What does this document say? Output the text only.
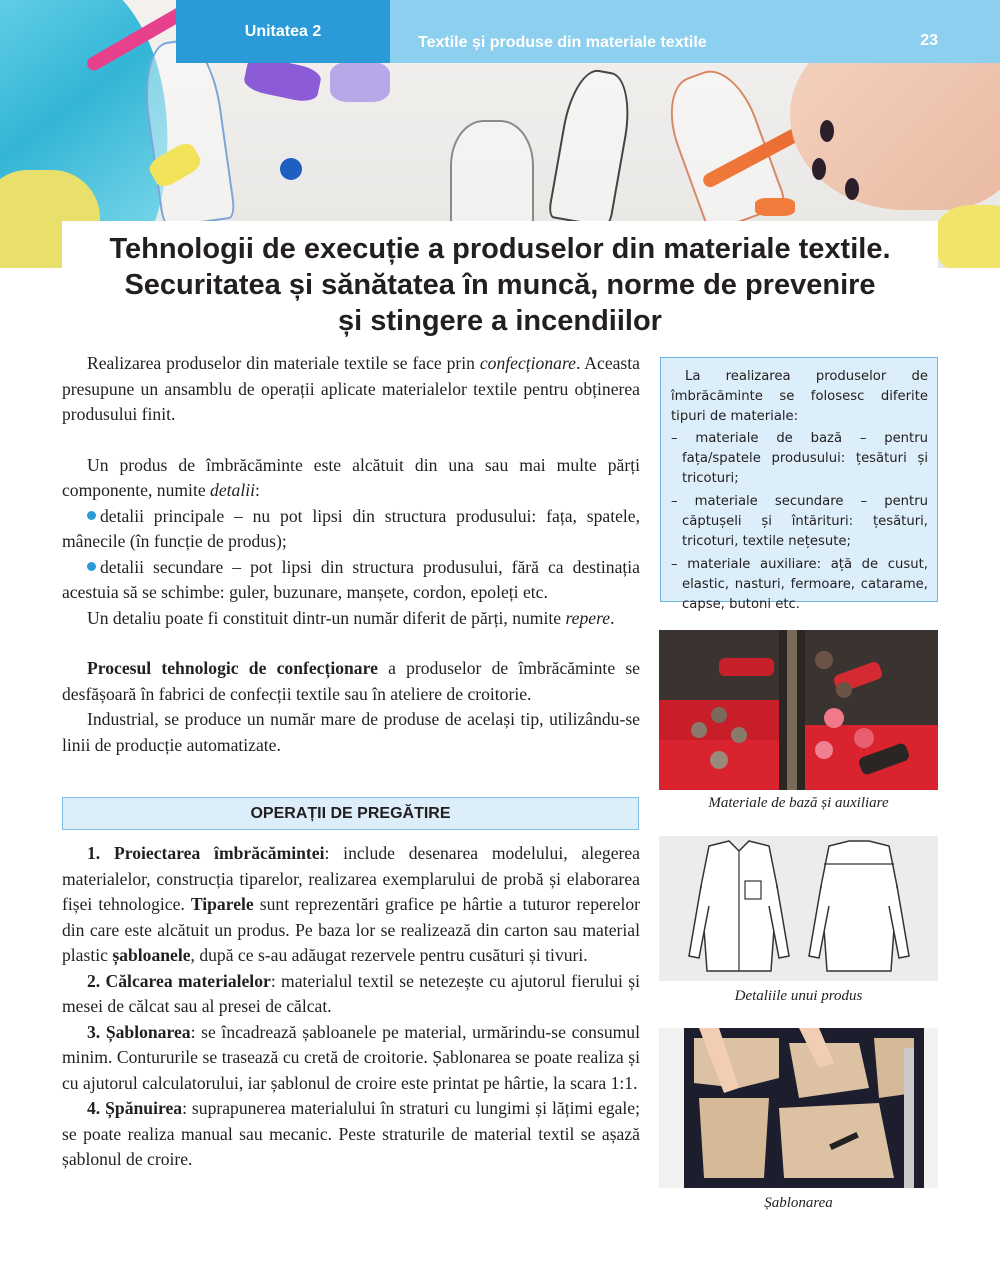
Unitatea 2
Textile și produse din materiale textile	23
Tehnologii de execuție a produselor din materiale textile.
Securitatea și sănătatea în muncă, norme de prevenire
și stingere a incendiilor

Realizarea produselor din materiale textile se face prin confecționare. Aceasta presupune un ansamblu de operații aplicate materialelor textile pentru obținerea produsului finit.

Un produs de îmbrăcăminte este alcătuit din una sau mai multe părți componente, numite detalii:

detalii principale – nu pot lipsi din structura produsului: fața, spatele, mânecile (în funcție de produs);

detalii secundare – pot lipsi din structura produsului, fără ca destinația acestuia să se schimbe: guler, buzunare, manșete, cordon, epoleți etc.

Un detaliu poate fi constituit dintr-un număr diferit de părți, numite repere.

Procesul tehnologic de confecționare a produselor de îmbrăcăminte se desfășoară în fabrici de confecții textile sau în ateliere de croitorie.

Industrial, se produce un număr mare de produse de același tip, utilizându-se linii de producție automatizate.

OPERAȚII DE PREGĂTIRE

1. Proiectarea îmbrăcămintei: include desenarea modelului, alegerea materialelor, construcția tiparelor, realizarea exemplarului de probă și elaborarea fișei tehnologice. Tiparele sunt reprezentări grafice pe hârtie a tuturor reperelor din care este alcătuit un produs. Pe baza lor se realizează din carton sau material plastic șabloanele, după ce s-au adăugat rezervele pentru cusături și tivuri.

2. Călcarea materialelor: materialul textil se netezește cu ajutorul fierului și mesei de călcat sau al presei de călcat.

3. Șablonarea: se încadrează șabloanele pe material, urmărindu-se consumul minim. Contururile se trasează cu cretă de croitorie. Șablonarea se poate realiza și cu ajutorul calculatorului, iar șablonul de croire este printat pe hârtie, la scara 1:1.

4. Șpănuirea: suprapunerea materialului în straturi cu lungimi și lățimi egale; se poate realiza manual sau mecanic. Peste straturile de material textil se așază șablonul de croire.

La realizarea produselor de îmbrăcăminte se folosesc diferite tipuri de materiale:

– materiale de bază – pentru fața/spatele produsului: țesături și tricoturi;
– materiale secundare – pentru căptușeli și întărituri: țesături, tricoturi, textile nețesute;
– materiale auxiliare: ață de cusut, elastic, nasturi, fermoare, catarame, capse, butoni etc.
Materiale de bază și auxiliare
Detaliile unui produs
Șablonarea
